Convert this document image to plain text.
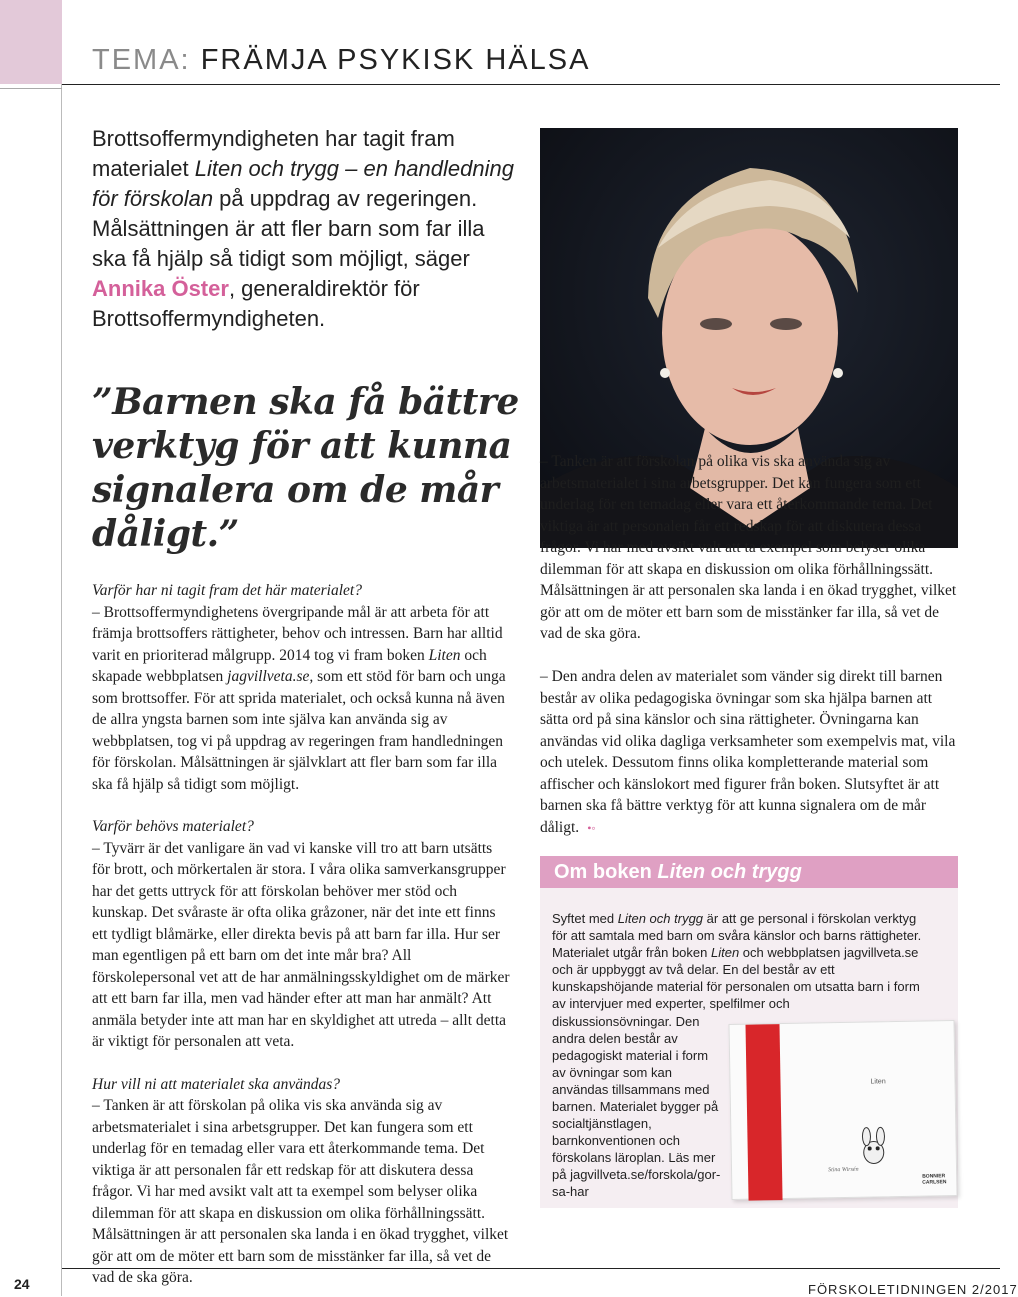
TEMA: FRÄMJA PSYKISK HÄLSA
Brottsoffermyndigheten har tagit fram materialet Liten och trygg – en handledning för förskolan på uppdrag av regeringen. Målsättningen är att fler barn som far illa ska få hjälp så tidigt som möjligt, säger Annika Öster, generaldirektör för Brottsoffermyndigheten.
”Barnen ska få bättre verktyg för att kunna signalera om de mår dåligt.”
Varför har ni tagit fram det här materialet?
– Brottsoffermyndighetens övergripande mål är att arbeta för att främja brottsoffers rättigheter, behov och intressen. Barn har alltid varit en prioriterad målgrupp. 2014 tog vi fram boken Liten och skapade webbplatsen jagvillveta.se, som ett stöd för barn och unga som brottsoffer. För att sprida materialet, och också kunna nå även de allra yngsta barnen som inte själva kan använda sig av webbplatsen, tog vi på uppdrag av regeringen fram handledningen för förskolan. Målsättningen är självklart att fler barn som far illa ska få hjälp så tidigt som möjligt.
Varför behövs materialet?
– Tyvärr är det vanligare än vad vi kanske vill tro att barn utsätts för brott, och mörkertalen är stora. I våra olika samverkansgrupper har det getts uttryck för att förskolan behöver mer stöd och kunskap. Det svåraste är ofta olika gråzoner, när det inte ett finns ett tydligt blåmärke, eller direkta bevis på att barn far illa. Hur ser man egentligen på ett barn om det inte mår bra? All förskolepersonal vet att de har anmälningsskyldighet om de märker att ett barn far illa, men vad händer efter att man har anmält? Att anmäla betyder inte att man har en skyldighet att utreda – allt detta är viktigt för personalen att veta.
Hur vill ni att materialet ska användas?
– Tanken är att förskolan på olika vis ska använda sig av arbetsmaterialet i sina arbetsgrupper. Det kan fungera som ett underlag för en temadag eller vara ett återkommande tema. Det viktiga är att personalen får ett redskap för att diskutera dessa frågor. Vi har med avsikt valt att ta exempel som belyser olika dilemman för att skapa en diskussion om olika förhållningssätt. Målsättningen är att personalen ska landa i en ökad trygghet, vilket gör att om de möter ett barn som de misstänker far illa, så vet de vad de ska göra.
– Tanken är att förskolan på olika vis ska använda sig av arbetsmaterialet i sina arbetsgrupper. Det kan fungera som ett underlag för en temadag eller vara ett återkommande tema. Det viktiga är att personalen får ett redskap för att diskutera dessa frågor. Vi har med avsikt valt att ta exempel som belyser olika dilemman för att skapa en diskussion om olika förhållningssätt. Målsättningen är att personalen ska landa i en ökad trygghet, vilket gör att om de möter ett barn som de misstänker far illa, så vet de vad de ska göra.

– Den andra delen av materialet som vänder sig direkt till barnen består av olika pedagogiska övningar som ska hjälpa barnen att sätta ord på sina känslor och sina rättigheter. Övningarna kan användas vid olika dagliga verksamheter som exempelvis mat, vila och utelek. Dessutom finns olika kompletterande material som affischer och känslokort med figurer från boken. Slutsyftet är att barnen ska få bättre verktyg för att kunna signalera om de mår dåligt. •◦

Om boken Liten och trygg
Syftet med Liten och trygg är att ge personal i förskolan verktyg för att samtala med barn om svåra känslor och barns rättigheter. Materialet utgår från boken Liten och webbplatsen jagvillveta.se och är uppbyggt av två delar. En del består av ett kunskapshöjande material för personalen om utsatta barn i form av intervjuer med experter, spelfilmer och
diskussionsövningar. Den andra delen består av pedagogiskt material i form av övningar som kan användas tillsammans med barnen. Materialet bygger på socialtjänstlagen, barnkonventionen och förskolans läroplan. Läs mer på jagvillveta.se/forskola/gor-sa-har
Liten
Stina Wirsén
BONNIER CARLSEN
24	FÖRSKOLETIDNINGEN 2/2017
